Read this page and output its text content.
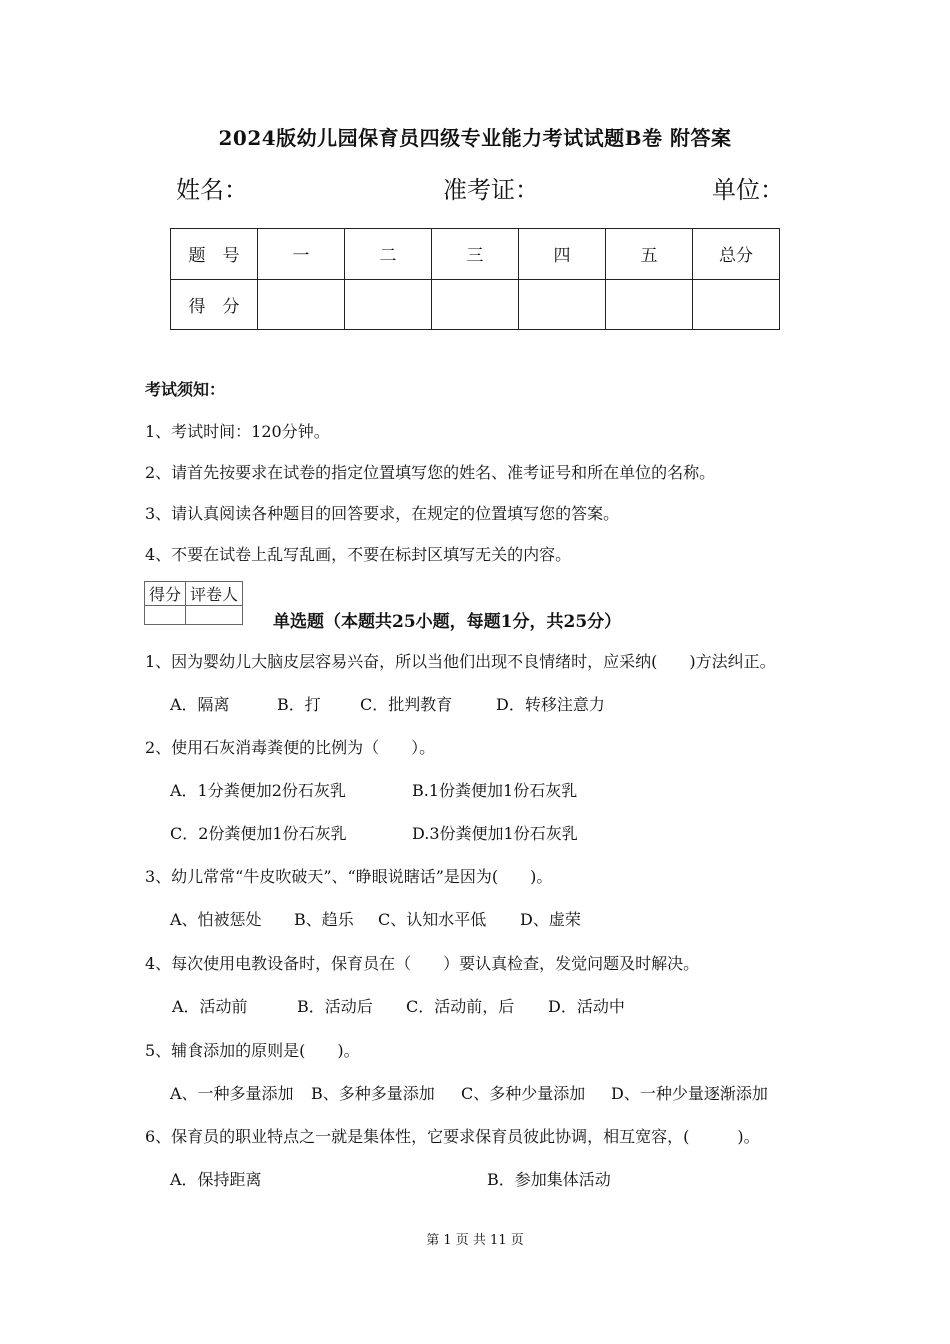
2024版幼儿园保育员四级专业能力考试试题B卷 附答案
姓名：	准考证：	单位：
题　号	一	二	三	四	五	总分
得　分						
考试须知：
1、考试时间：120分钟。
2、请首先按要求在试卷的指定位置填写您的姓名、准考证号和所在单位的名称。
3、请认真阅读各种题目的回答要求，在规定的位置填写您的答案。
4、不要在试卷上乱写乱画，不要在标封区填写无关的内容。
得分	评卷人

单选题（本题共25小题，每题1分，共25分）
1、因为婴幼儿大脑皮层容易兴奋，所以当他们出现不良情绪时，应采纳(　　)方法纠正。
A．隔离	B．打 C．批判教育	D．转移注意力
2、使用石灰消毒粪便的比例为（　　）。
A．1分粪便加2份石灰乳	B.1份粪便加1份石灰乳
C．2份粪便加1份石灰乳	D.3份粪便加1份石灰乳
3、幼儿常常“牛皮吹破天”、“睁眼说瞎话”是因为(　　)。
A、怕被惩处 B、趋乐 C、认知水平低 D、虚荣
4、每次使用电教设备时，保育员在（　　）要认真检查，发觉问题及时解决。
A．活动前	B．活动后 C．活动前，后 D．活动中
5、辅食添加的原则是(　　)。
A、一种多量添加 B、多种多量添加 C、多种少量添加 D、一种少量逐渐添加
6、保育员的职业特点之一就是集体性，它要求保育员彼此协调，相互宽容，(　　　)。
A．保持距离	B．参加集体活动
第 1 页 共 11 页
